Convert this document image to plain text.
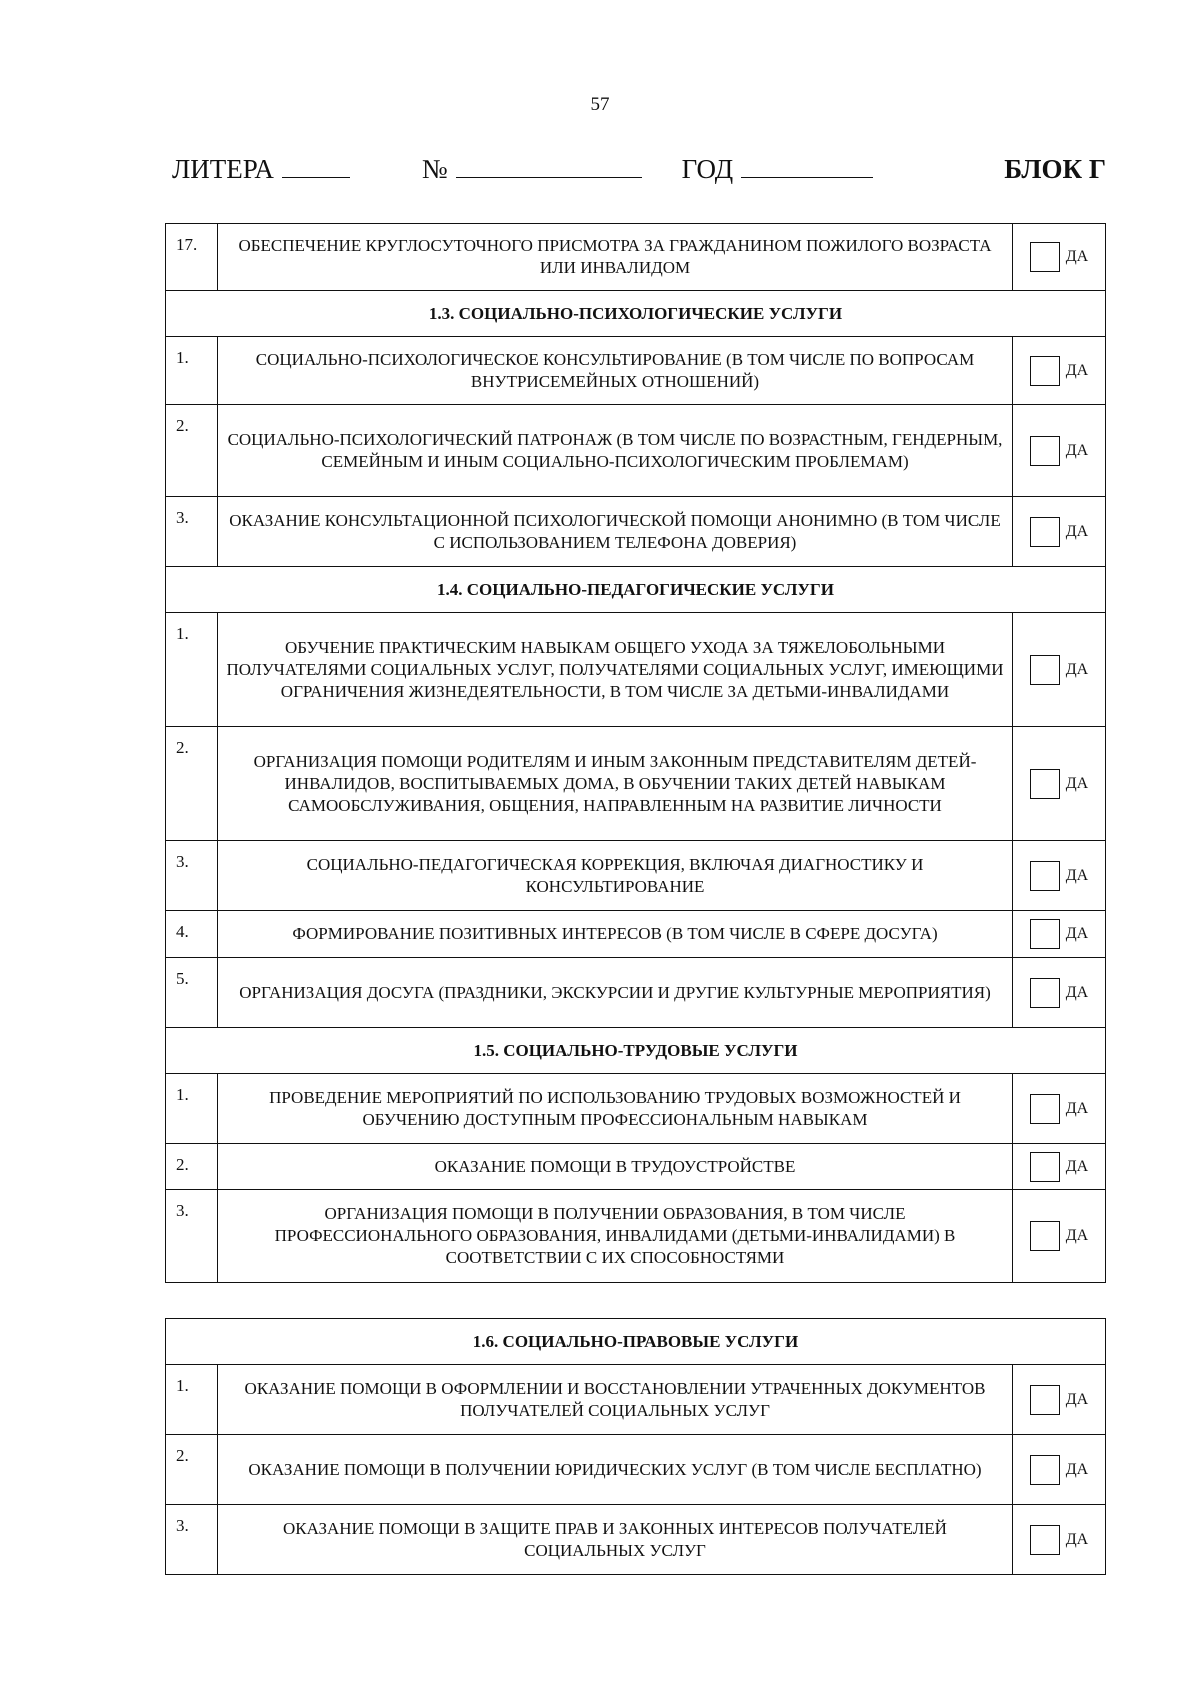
57
ЛИТЕРА	№	ГОД	БЛОК Г
17.	ОБЕСПЕЧЕНИЕ КРУГЛОСУТОЧНОГО ПРИСМОТРА ЗА ГРАЖДАНИНОМ ПОЖИЛОГО ВОЗРАСТА ИЛИ ИНВАЛИДОМ	ДА

1.3. СОЦИАЛЬНО-ПСИХОЛОГИЧЕСКИЕ УСЛУГИ		
1.	СОЦИАЛЬНО-ПСИХОЛОГИЧЕСКОЕ КОНСУЛЬТИРОВАНИЕ (В ТОМ ЧИСЛЕ ПО ВОПРОСАМ ВНУТРИСЕМЕЙНЫХ ОТНОШЕНИЙ)	ДА

2.	СОЦИАЛЬНО-ПСИХОЛОГИЧЕСКИЙ ПАТРОНАЖ (В ТОМ ЧИСЛЕ ПО ВОЗРАСТНЫМ, ГЕНДЕРНЫМ, СЕМЕЙНЫМ И ИНЫМ СОЦИАЛЬНО-ПСИХОЛОГИЧЕСКИМ ПРОБЛЕМАМ)	ДА

3.	ОКАЗАНИЕ КОНСУЛЬТАЦИОННОЙ ПСИХОЛОГИЧЕСКОЙ ПОМОЩИ АНОНИМНО (В ТОМ ЧИСЛЕ С ИСПОЛЬЗОВАНИЕМ ТЕЛЕФОНА ДОВЕРИЯ)	ДА

1.4. СОЦИАЛЬНО-ПЕДАГОГИЧЕСКИЕ УСЛУГИ		
1.	ОБУЧЕНИЕ ПРАКТИЧЕСКИМ НАВЫКАМ ОБЩЕГО УХОДА ЗА ТЯЖЕЛОБОЛЬНЫМИ ПОЛУЧАТЕЛЯМИ СОЦИАЛЬНЫХ УСЛУГ, ПОЛУЧАТЕЛЯМИ СОЦИАЛЬНЫХ УСЛУГ, ИМЕЮЩИМИ ОГРАНИЧЕНИЯ ЖИЗНЕДЕЯТЕЛЬНОСТИ, В ТОМ ЧИСЛЕ ЗА ДЕТЬМИ-ИНВАЛИДАМИ	ДА

2.	ОРГАНИЗАЦИЯ ПОМОЩИ РОДИТЕЛЯМ И ИНЫМ ЗАКОННЫМ ПРЕДСТАВИТЕЛЯМ ДЕТЕЙ-ИНВАЛИДОВ, ВОСПИТЫВАЕМЫХ ДОМА, В ОБУЧЕНИИ ТАКИХ ДЕТЕЙ НАВЫКАМ САМООБСЛУЖИВАНИЯ, ОБЩЕНИЯ, НАПРАВЛЕННЫМ НА РАЗВИТИЕ ЛИЧНОСТИ	ДА

3.	СОЦИАЛЬНО-ПЕДАГОГИЧЕСКАЯ КОРРЕКЦИЯ, ВКЛЮЧАЯ ДИАГНОСТИКУ И КОНСУЛЬТИРОВАНИЕ	ДА

4.	ФОРМИРОВАНИЕ ПОЗИТИВНЫХ ИНТЕРЕСОВ (В ТОМ ЧИСЛЕ В СФЕРЕ ДОСУГА)	ДА

5.	ОРГАНИЗАЦИЯ ДОСУГА (ПРАЗДНИКИ, ЭКСКУРСИИ И ДРУГИЕ КУЛЬТУРНЫЕ МЕРОПРИЯТИЯ)	ДА

1.5. СОЦИАЛЬНО-ТРУДОВЫЕ УСЛУГИ		
1.	ПРОВЕДЕНИЕ МЕРОПРИЯТИЙ ПО ИСПОЛЬЗОВАНИЮ ТРУДОВЫХ ВОЗМОЖНОСТЕЙ И ОБУЧЕНИЮ ДОСТУПНЫМ ПРОФЕССИОНАЛЬНЫМ НАВЫКАМ	ДА

2.	ОКАЗАНИЕ ПОМОЩИ В ТРУДОУСТРОЙСТВЕ	ДА

3.	ОРГАНИЗАЦИЯ ПОМОЩИ В ПОЛУЧЕНИИ ОБРАЗОВАНИЯ, В ТОМ ЧИСЛЕ ПРОФЕССИОНАЛЬНОГО ОБРАЗОВАНИЯ, ИНВАЛИДАМИ (ДЕТЬМИ-ИНВАЛИДАМИ) В СООТВЕТСТВИИ С ИХ СПОСОБНОСТЯМИ	ДА
1.6. СОЦИАЛЬНО-ПРАВОВЫЕ УСЛУГИ		
1.	ОКАЗАНИЕ ПОМОЩИ В ОФОРМЛЕНИИ И ВОССТАНОВЛЕНИИ УТРАЧЕННЫХ ДОКУМЕНТОВ ПОЛУЧАТЕЛЕЙ СОЦИАЛЬНЫХ УСЛУГ	ДА

2.	ОКАЗАНИЕ ПОМОЩИ В ПОЛУЧЕНИИ ЮРИДИЧЕСКИХ УСЛУГ (В ТОМ ЧИСЛЕ БЕСПЛАТНО)	ДА

3.	ОКАЗАНИЕ ПОМОЩИ В ЗАЩИТЕ ПРАВ И ЗАКОННЫХ ИНТЕРЕСОВ ПОЛУЧАТЕЛЕЙ СОЦИАЛЬНЫХ УСЛУГ	ДА
